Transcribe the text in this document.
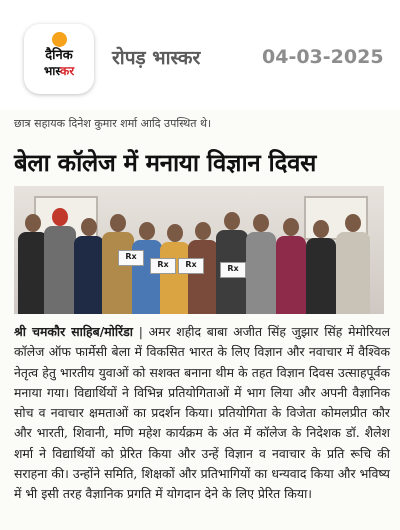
दैनिक
भास्कर
रोपड़ भास्कर	04-03-2025
छात्र सहायक दिनेश कुमार शर्मा आदि उपस्थित थे।
बेला कॉलेज में मनाया विज्ञान दिवस
Rx
Rx	Rx	Rx
श्री चमकौर साहिब/मोरिंडा | अमर शहीद बाबा अजीत सिंह जुझार सिंह मेमोरियल कॉलेज ऑफ फार्मेसी बेला में विकसित भारत के लिए विज्ञान और नवाचार में वैश्विक नेतृत्व हेतु भारतीय युवाओं को सशक्त बनाना थीम के तहत विज्ञान दिवस उत्साहपूर्वक मनाया गया। विद्यार्थियों ने विभिन्न प्रतियोगिताओं में भाग लिया और अपनी वैज्ञानिक सोच व नवाचार क्षमताओं का प्रदर्शन किया। प्रतियोगिता के विजेता कोमलप्रीत कौर और भारती, शिवानी, मणि महेश कार्यक्रम के अंत में कॉलेज के निदेशक डॉ. शैलेश शर्मा ने विद्यार्थियों को प्रेरित किया और उन्हें विज्ञान व नवाचार के प्रति रूचि की सराहना की। उन्होंने समिति, शिक्षकों और प्रतिभागियों का धन्यवाद किया और भविष्य में भी इसी तरह वैज्ञानिक प्रगति में योगदान देने के लिए प्रेरित किया।
